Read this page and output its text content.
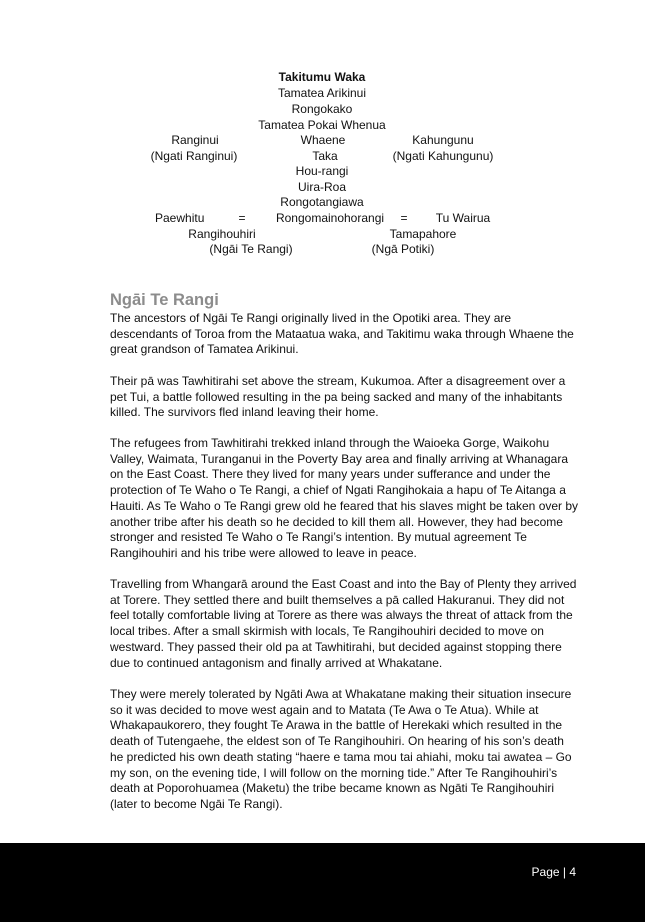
Takitumu Waka
Tamatea Arikinui
Rongokako
Tamatea Pokai Whenua
Ranginui	Whaene	Kahungunu
(Ngati Ranginui)	Taka	(Ngati Kahungunu)
Hou-rangi
Uira-Roa
Rongotangiawa
Paewhitu	=	Rongomainohorangi = Tu Wairua
Rangihouhiri	Tamapahore
(Ngāi Te Rangi)	(Ngā Potiki)
Ngāi Te Rangi

The ancestors of Ngāi Te Rangi originally lived in the Opotiki area. They are descendants of Toroa from the Mataatua waka, and Takitimu waka through Whaene the great grandson of Tamatea Arikinui.

Their pā was Tawhitirahi set above the stream, Kukumoa. After a disagreement over a pet Tui, a battle followed resulting in the pa being sacked and many of the inhabitants killed. The survivors fled inland leaving their home.

The refugees from Tawhitirahi trekked inland through the Waioeka Gorge, Waikohu Valley, Waimata, Turanganui in the Poverty Bay area and finally arriving at Whanagara on the East Coast. There they lived for many years under sufferance and under the protection of Te Waho o Te Rangi, a chief of Ngati Rangihokaia a hapu of Te Aitanga a Hauiti. As Te Waho o Te Rangi grew old he feared that his slaves might be taken over by another tribe after his death so he decided to kill them all. However, they had become stronger and resisted Te Waho o Te Rangi’s intention. By mutual agreement Te Rangihouhiri and his tribe were allowed to leave in peace.

Travelling from Whangarā around the East Coast and into the Bay of Plenty they arrived at Torere. They settled there and built themselves a pā called Hakuranui. They did not feel totally comfortable living at Torere as there was always the threat of attack from the local tribes. After a small skirmish with locals, Te Rangihouhiri decided to move on westward. They passed their old pa at Tawhitirahi, but decided against stopping there due to continued antagonism and finally arrived at Whakatane.

They were merely tolerated by Ngāti Awa at Whakatane making their situation insecure so it was decided to move west again and to Matata (Te Awa o Te Atua). While at Whakapaukorero, they fought Te Arawa in the battle of Herekaki which resulted in the death of Tutengaehe, the eldest son of Te Rangihouhiri. On hearing of his son’s death he predicted his own death stating “haere e tama mou tai ahiahi, moku tai awatea – Go my son, on the evening tide, I will follow on the morning tide.” After Te Rangihouhiri’s death at Poporohuamea (Maketu) the tribe became known as Ngāti Te Rangihouhiri (later to become Ngāi Te Rangi).

Page | 4
